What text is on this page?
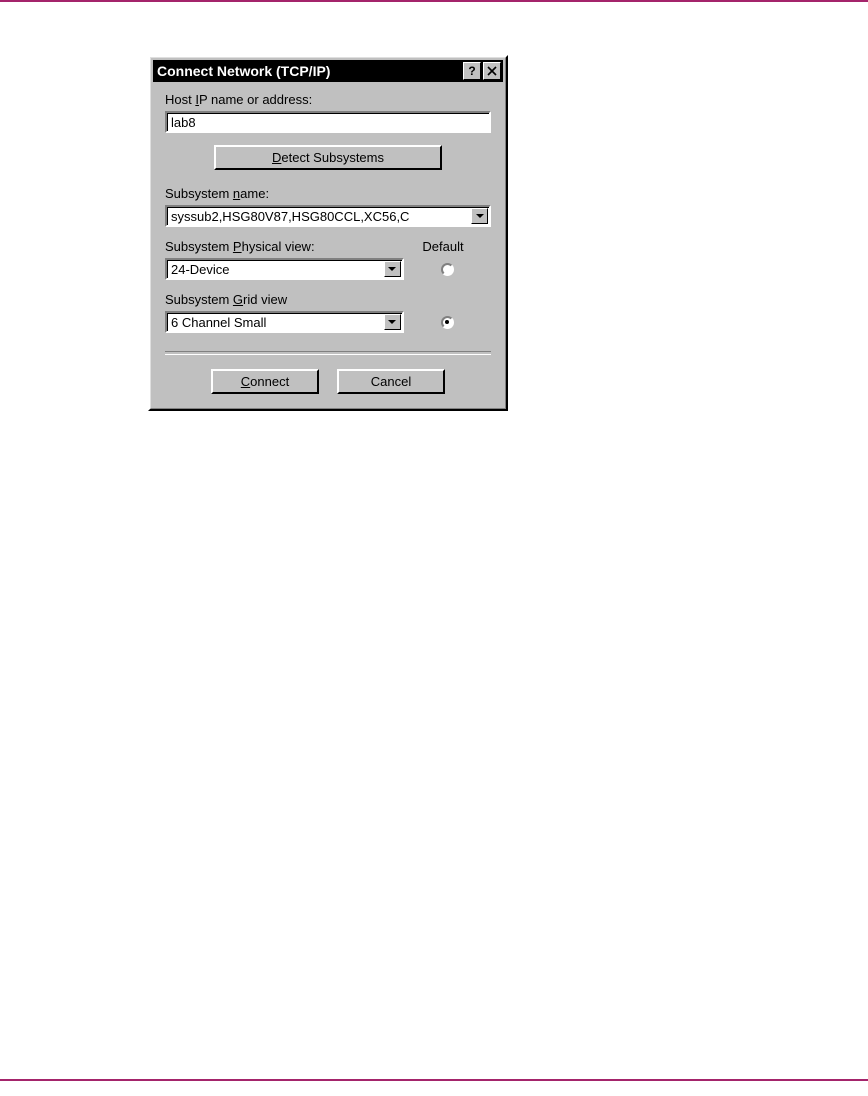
Connect Network (TCP/IP)	?
Host IP name or address:
lab8
D etect Subsystems
Subsystem name:
syssub2,HSG80V87,HSG80CCL,XC56,C
Subsystem Physical view:	Default
24-Device
Subsystem Grid view
6 Channel Small
C onnect	Cancel
